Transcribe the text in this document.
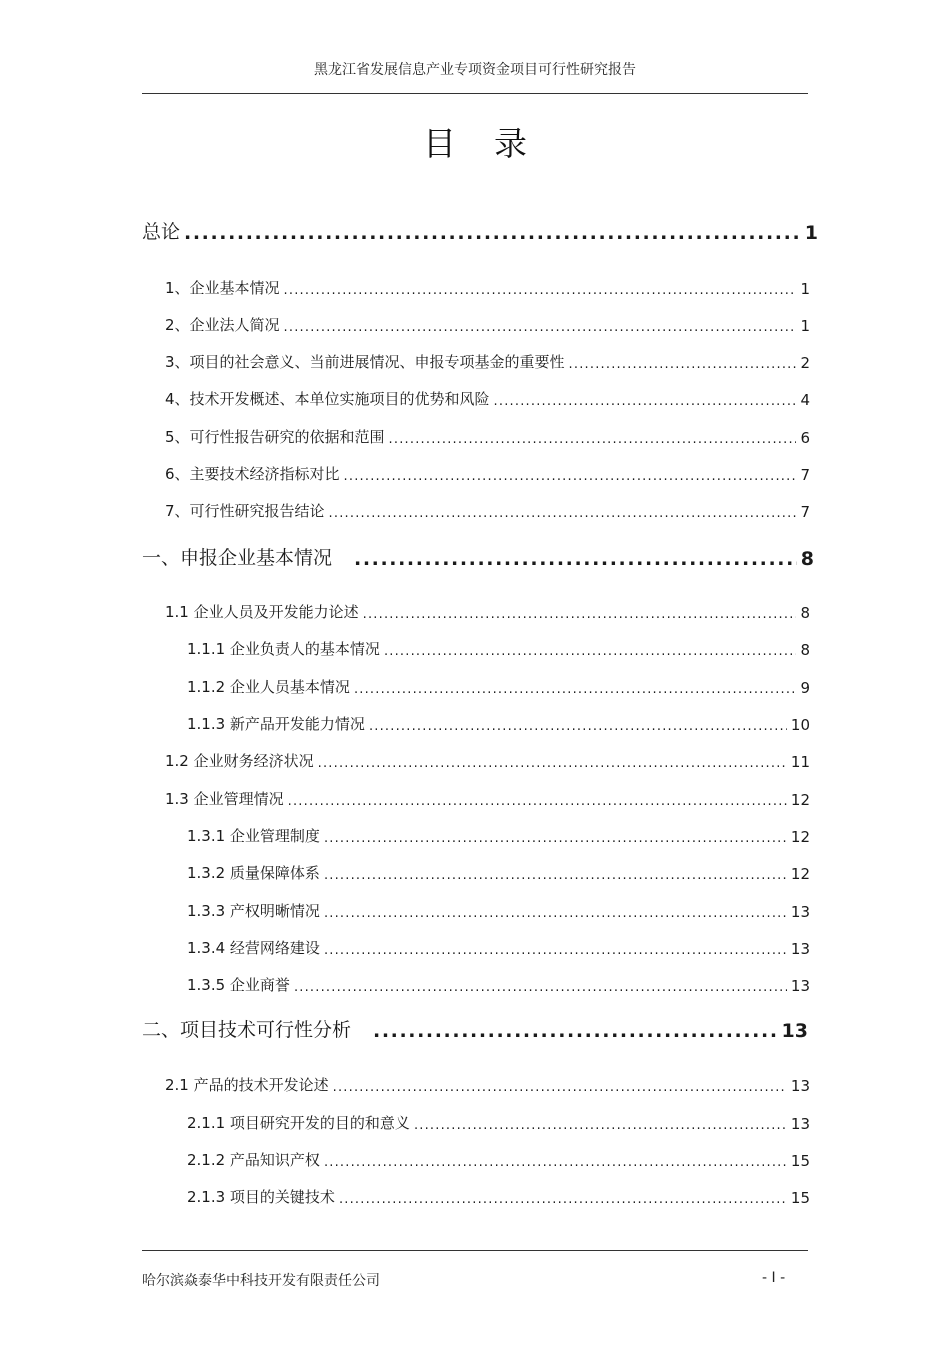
黑龙江省发展信息产业专项资金项目可行性研究报告
目录
总论 .....	1
1、企业基本情况 .....	1
2、企业法人简况 .....	1
3、项目的社会意义、当前进展情况、申报专项基金的重要性 .....	2
4、技术开发概述、本单位实施项目的优势和风险 .....	4
5、可行性报告研究的依据和范围 .....	6
6、主要技术经济指标对比 .....	7
7、可行性研究报告结论 .....	7
一、申报企业基本情况 .....	8
1.1 企业人员及开发能力论述 .....	8
1.1.1 企业负责人的基本情况 .....	8
1.1.2 企业人员基本情况 .....	9
1.1.3 新产品开发能力情况 .....	10
1.2 企业财务经济状况 .....	11
1.3 企业管理情况 .....	12
1.3.1 企业管理制度 .....	12
1.3.2 质量保障体系 .....	12
1.3.3 产权明晰情况 .....	13
1.3.4 经营网络建设 .....	13
1.3.5 企业商誉 .....	13
二、项目技术可行性分析 .....	13
2.1 产品的技术开发论述 .....	13
2.1.1 项目研究开发的目的和意义 .....	13
2.1.2 产品知识产权 .....	15
2.1.3 项目的关键技术 .....	15
哈尔滨焱泰华中科技开发有限责任公司	- I -
